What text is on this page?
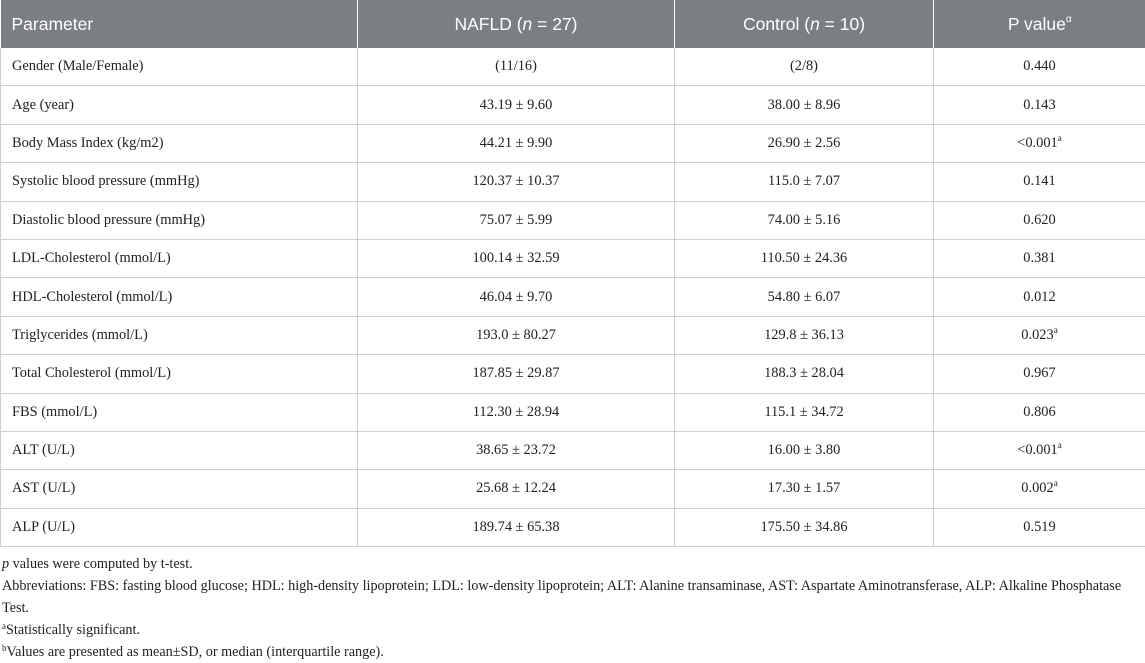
Parameter	NAFLD (n = 27)	Control (n = 10)	P value$^\alpha$
Gender (Male/Female)	(11/16)	(2/8)	0.440
Age (year)	43.19 ± 9.60	38.00 ± 8.96	0.143
Body Mass Index (kg/m2)	44.21 ± 9.90	26.90 ± 2.56	<0.001$^a$
Systolic blood pressure (mmHg)	120.37 ± 10.37	115.0 ± 7.07	0.141
Diastolic blood pressure (mmHg)	75.07 ± 5.99	74.00 ± 5.16	0.620
LDL-Cholesterol (mmol/L)	100.14 ± 32.59	110.50 ± 24.36	0.381
HDL-Cholesterol (mmol/L)	46.04 ± 9.70	54.80 ± 6.07	0.012
Triglycerides (mmol/L)	193.0 ± 80.27	129.8 ± 36.13	0.023$^a$
Total Cholesterol (mmol/L)	187.85 ± 29.87	188.3 ± 28.04	0.967
FBS (mmol/L)	112.30 ± 28.94	115.1 ± 34.72	0.806
ALT (U/L)	38.65 ± 23.72	16.00 ± 3.80	<0.001$^a$
AST (U/L)	25.68 ± 12.24	17.30 ± 1.57	0.002$^a$
ALP (U/L)	189.74 ± 65.38	175.50 ± 34.86	0.519

p values were computed by t-test.

Abbreviations: FBS: fasting blood glucose; HDL: high-density lipoprotein; LDL: low-density lipoprotein; ALT: Alanine transaminase, AST: Aspartate Aminotransferase, ALP: Alkaline Phosphatase Test.

$^a$Statistically significant.

$^b$Values are presented as mean±SD, or median (interquartile range).
